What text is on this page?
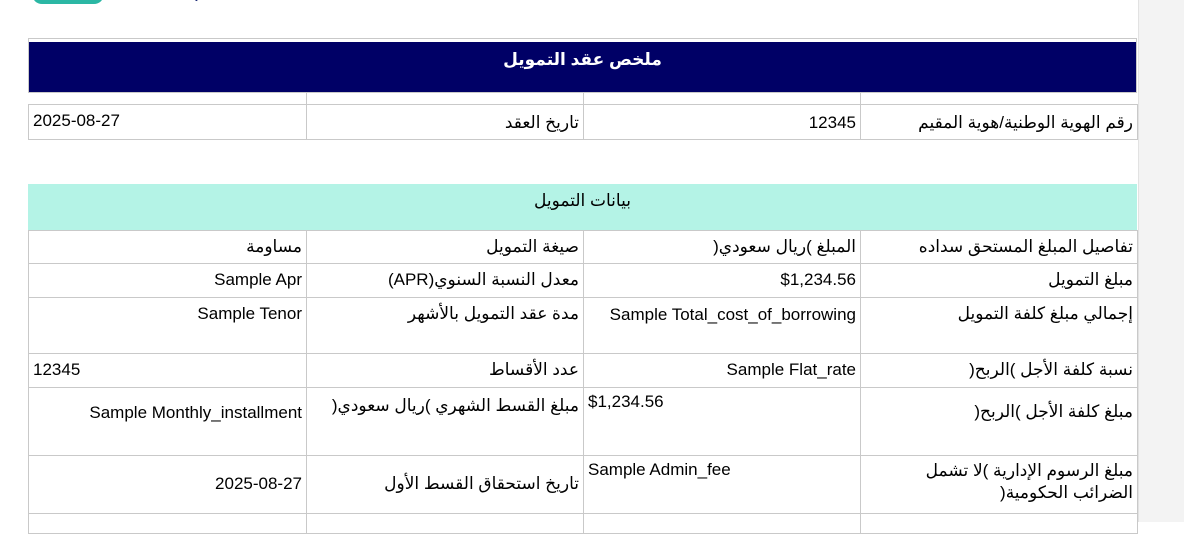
ملخص عقد التمويل
رقم الهوية الوطنية/هوية المقيم	12345	تاريخ العقد	2025-08-27
بيانات التمويل
تفاصيل المبلغ المستحق سداده	المبلغ )ريال سعودي(	صيغة التمويل	مساومة
مبلغ التمويل	$1,234.56	معدل النسبة السنوي(APR)	Sample Apr
إجمالي مبلغ كلفة التمويل	Sample Total_cost_of_borrowing	مدة عقد التمويل بالأشهر	Sample Tenor
نسبة كلفة الأجل )الربح(	Sample Flat_rate	عدد الأقساط	12345
مبلغ كلفة الأجل )الربح(	$1,234.56	مبلغ القسط الشهري )ريال سعودي(	Sample Monthly_installment
مبلغ الرسوم الإدارية )لا تشمل الضرائب الحكومية(	Sample Admin_fee	تاريخ استحقاق القسط الأول	2025-08-27
